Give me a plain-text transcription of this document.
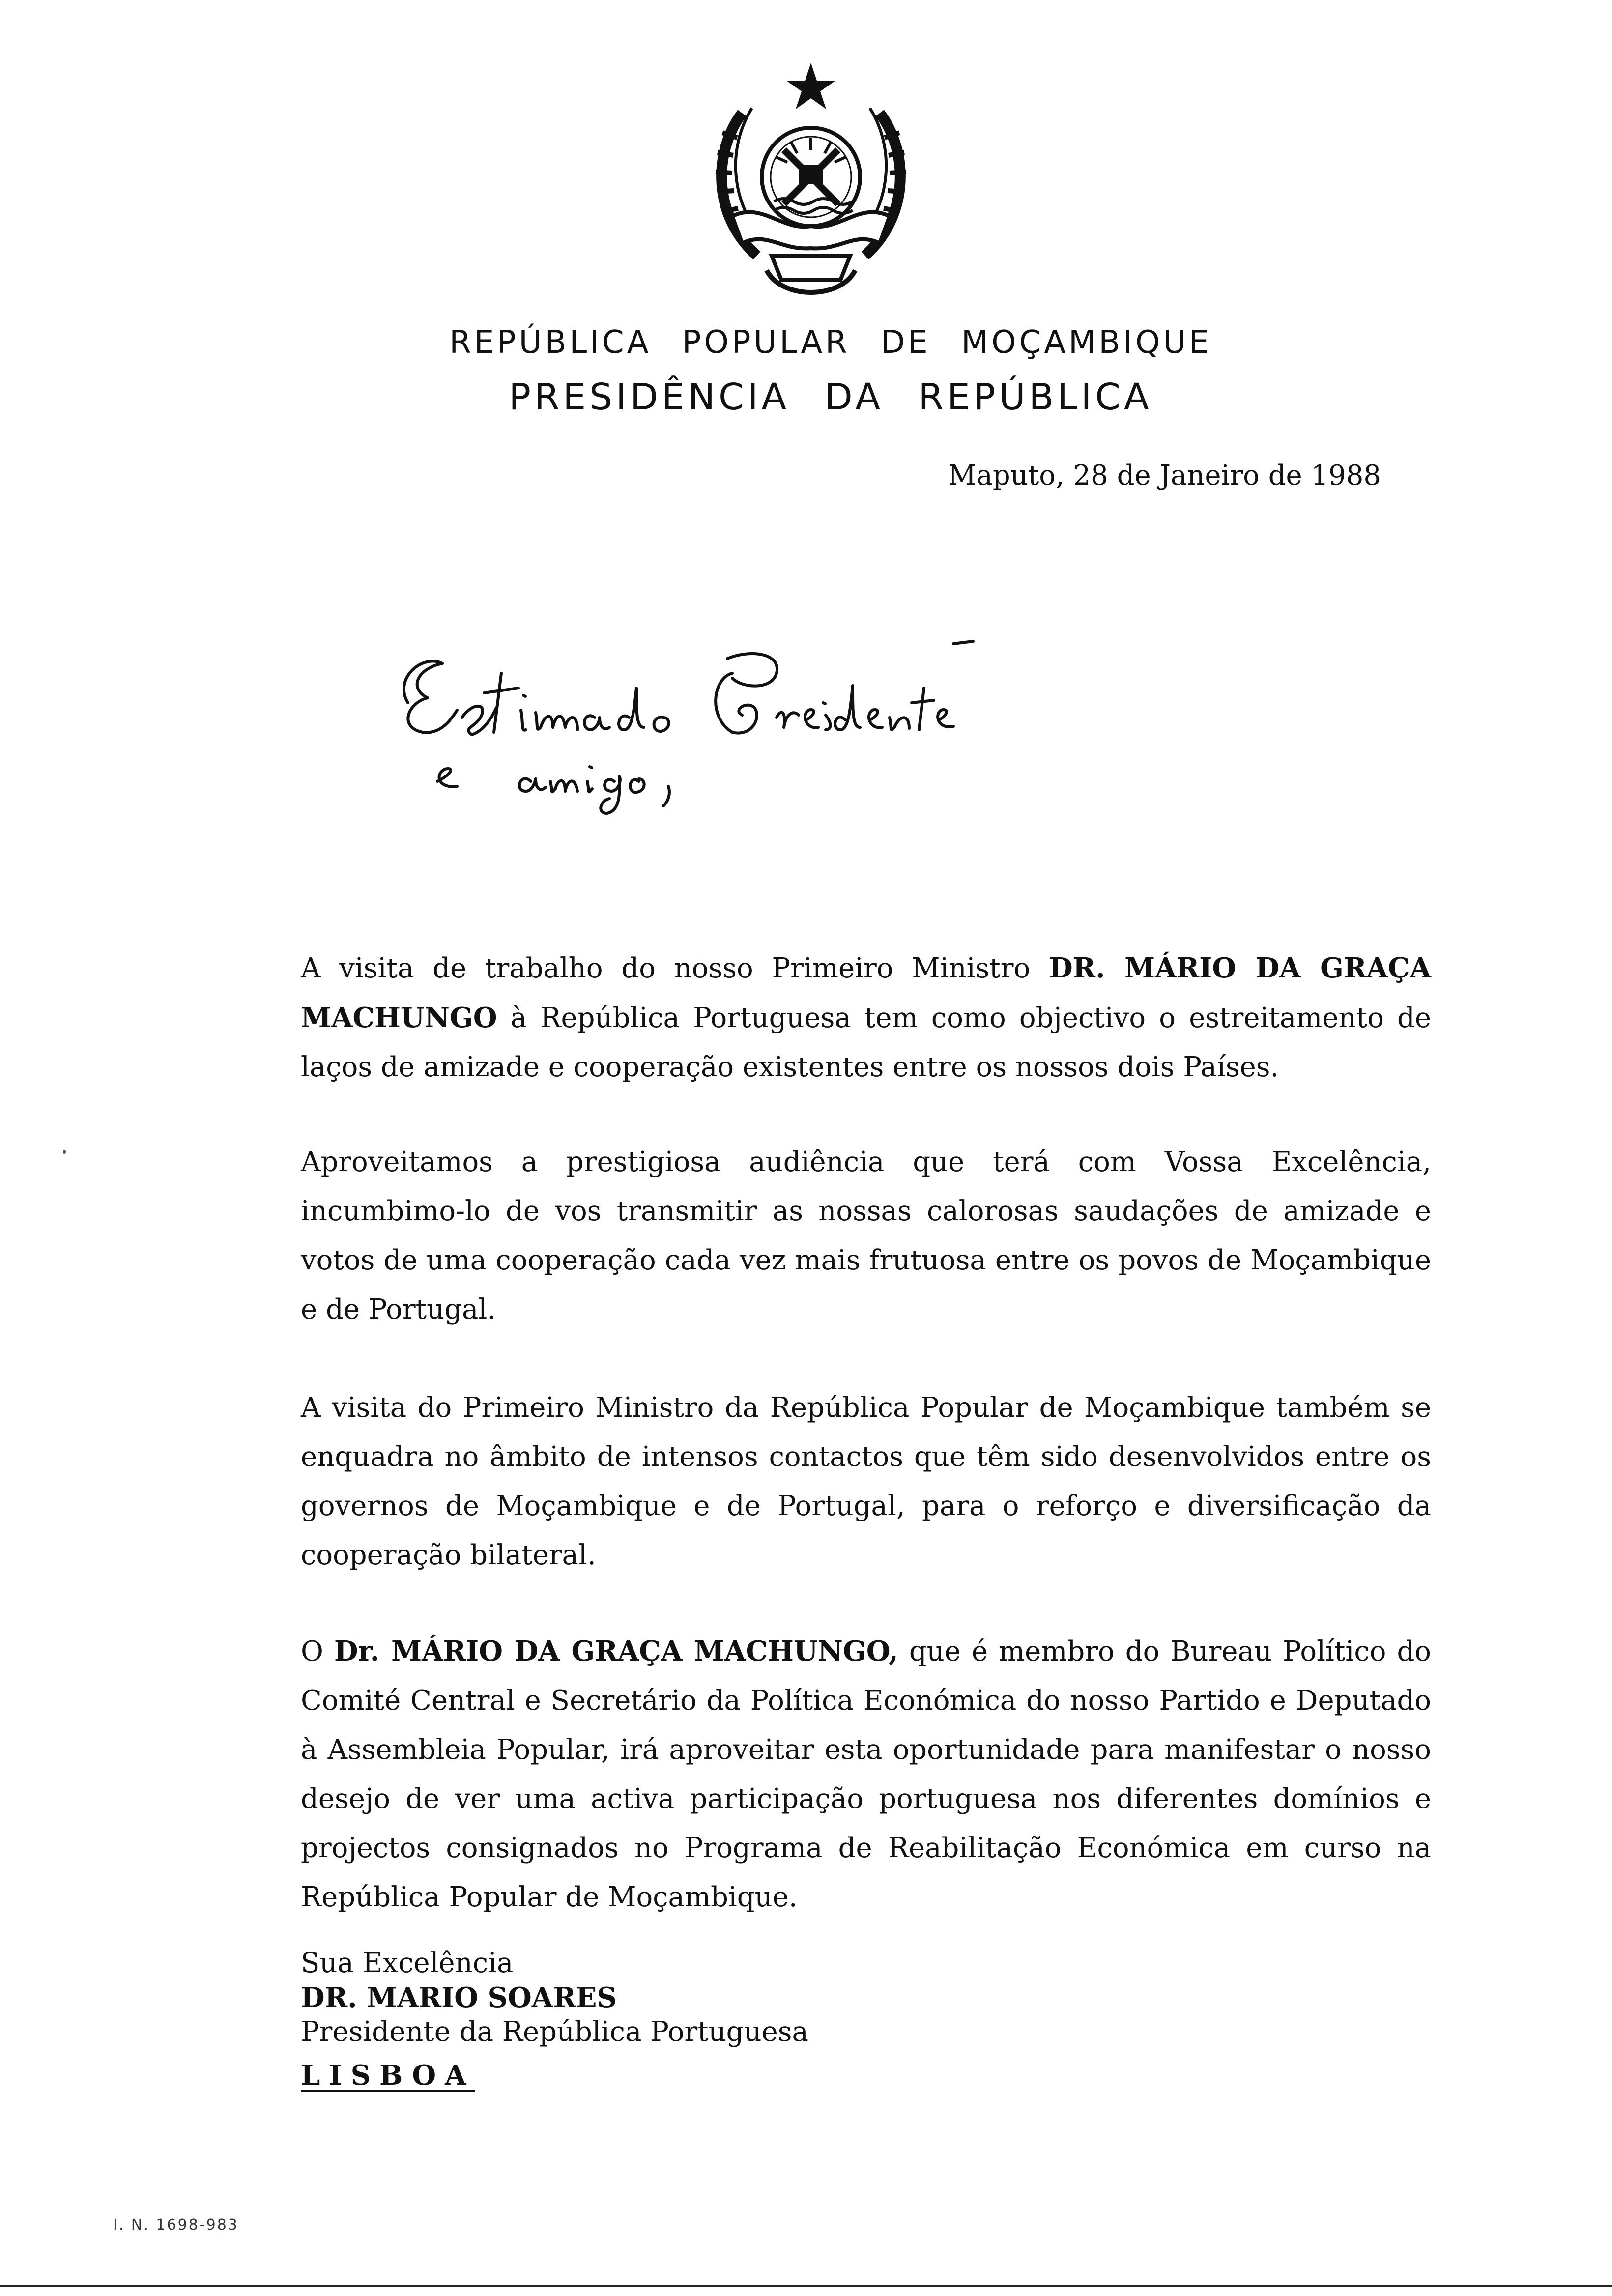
REPÚBLICA POPULAR DE MOÇAMBIQUE
PRESIDÊNCIA DA REPÚBLICA
Maputo, 28 de Janeiro de 1988
A visita de trabalho do nosso Primeiro Ministro DR. MÁRIO DA GRAÇA MACHUNGO à República Portuguesa tem como objectivo o estreitamento de laços de amizade e cooperação existentes entre os nossos dois Países.
Aproveitamos a prestigiosa audiência que terá com Vossa Excelência, incumbimo-lo de vos transmitir as nossas calorosas saudações de amizade e votos de uma cooperação cada vez mais frutuosa entre os povos de Moçambique e de Portugal.
A visita do Primeiro Ministro da República Popular de Moçambique também se enquadra no âmbito de intensos contactos que têm sido desenvolvidos entre os governos de Moçambique e de Portugal, para o reforço e diversificação da cooperação bilateral.
O Dr. MÁRIO DA GRAÇA MACHUNGO, que é membro do Bureau Político do Comité Central e Secretário da Política Económica do nosso Partido e Deputado à Assembleia Popular, irá aproveitar esta oportunidade para manifestar o nosso desejo de ver uma activa participação portuguesa nos diferentes domínios e projectos consignados no Programa de Reabilitação Económica em curso na República Popular de Moçambique.
Sua Excelência
DR. MARIO SOARES
Presidente da República Portuguesa
LISBOA
I. N. 1698-983
